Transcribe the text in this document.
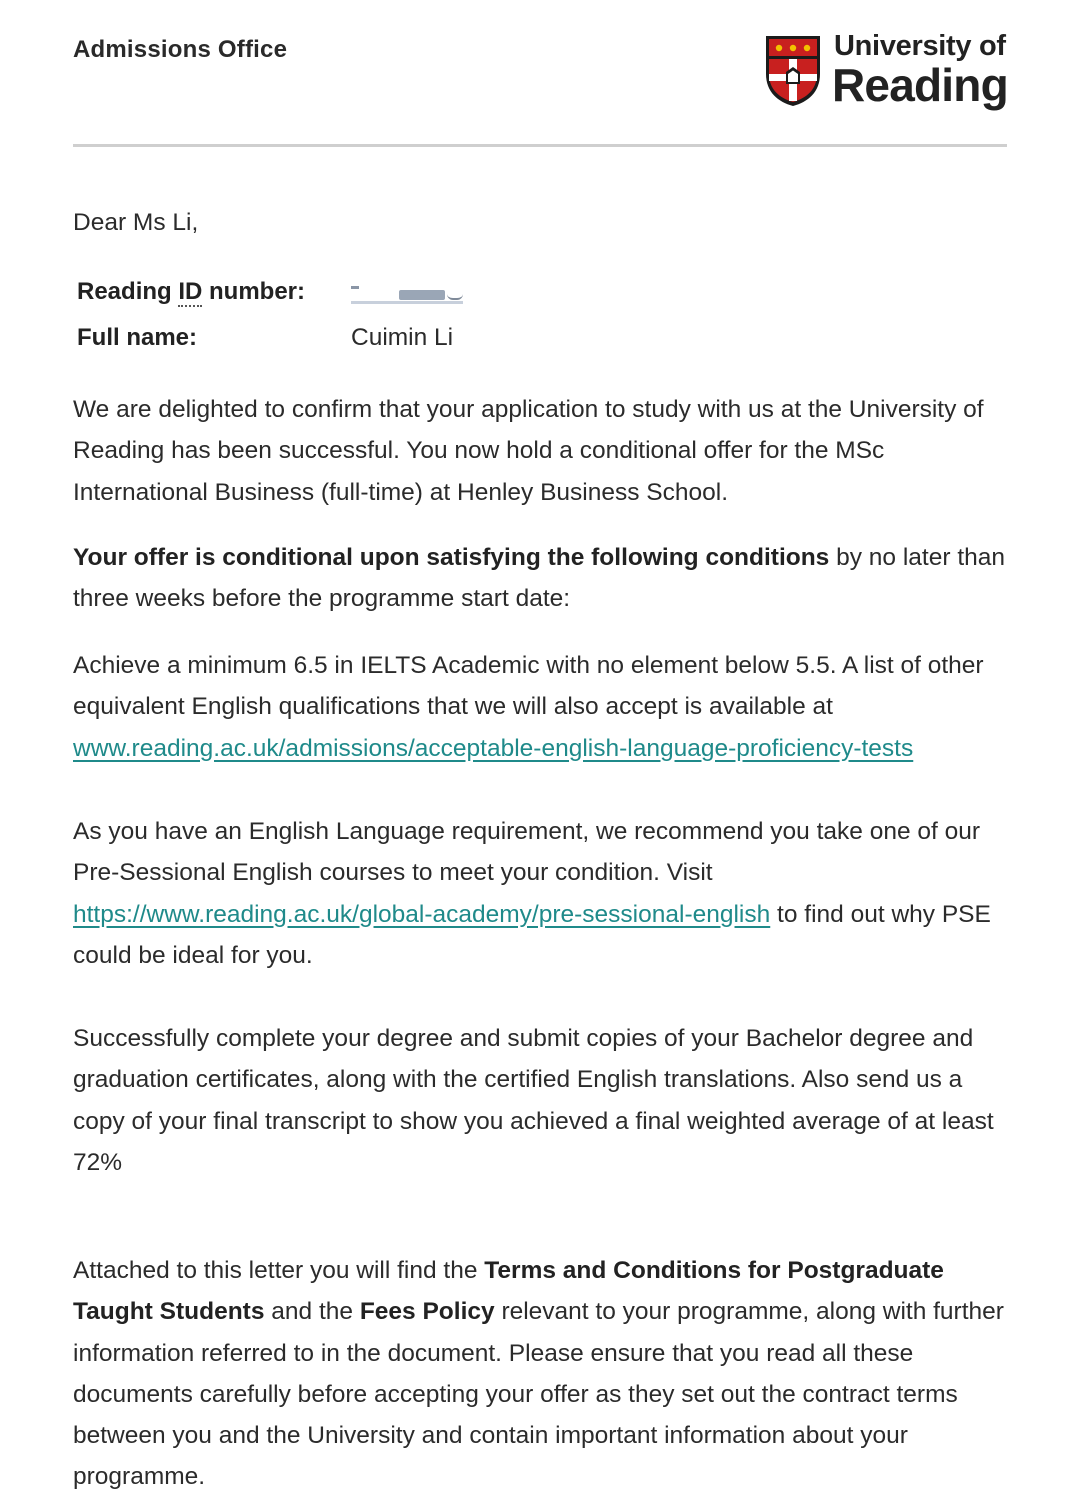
Admissions Office	University of
Reading
Dear Ms Li,
Reading ID number:
Full name:	Cuimin Li
We are delighted to confirm that your application to study with us at the University of Reading has been successful. You now hold a conditional offer for the MSc International Business (full-time) at Henley Business School.
Your offer is conditional upon satisfying the following conditions by no later than three weeks before the programme start date:
Achieve a minimum 6.5 in IELTS Academic with no element below 5.5. A list of other equivalent English qualifications that we will also accept is available at www.reading.ac.uk/admissions/acceptable-english-language-proficiency-tests
As you have an English Language requirement, we recommend you take one of our Pre-Sessional English courses to meet your condition. Visit https://www.reading.ac.uk/global-academy/pre-sessional-english to find out why PSE could be ideal for you.
Successfully complete your degree and submit copies of your Bachelor degree and graduation certificates, along with the certified English translations. Also send us a copy of your final transcript to show you achieved a final weighted average of at least 72%
Attached to this letter you will find the Terms and Conditions for Postgraduate Taught Students and the Fees Policy relevant to your programme, along with further information referred to in the document. Please ensure that you read all these documents carefully before accepting your offer as they set out the contract terms between you and the University and contain important information about your programme.
